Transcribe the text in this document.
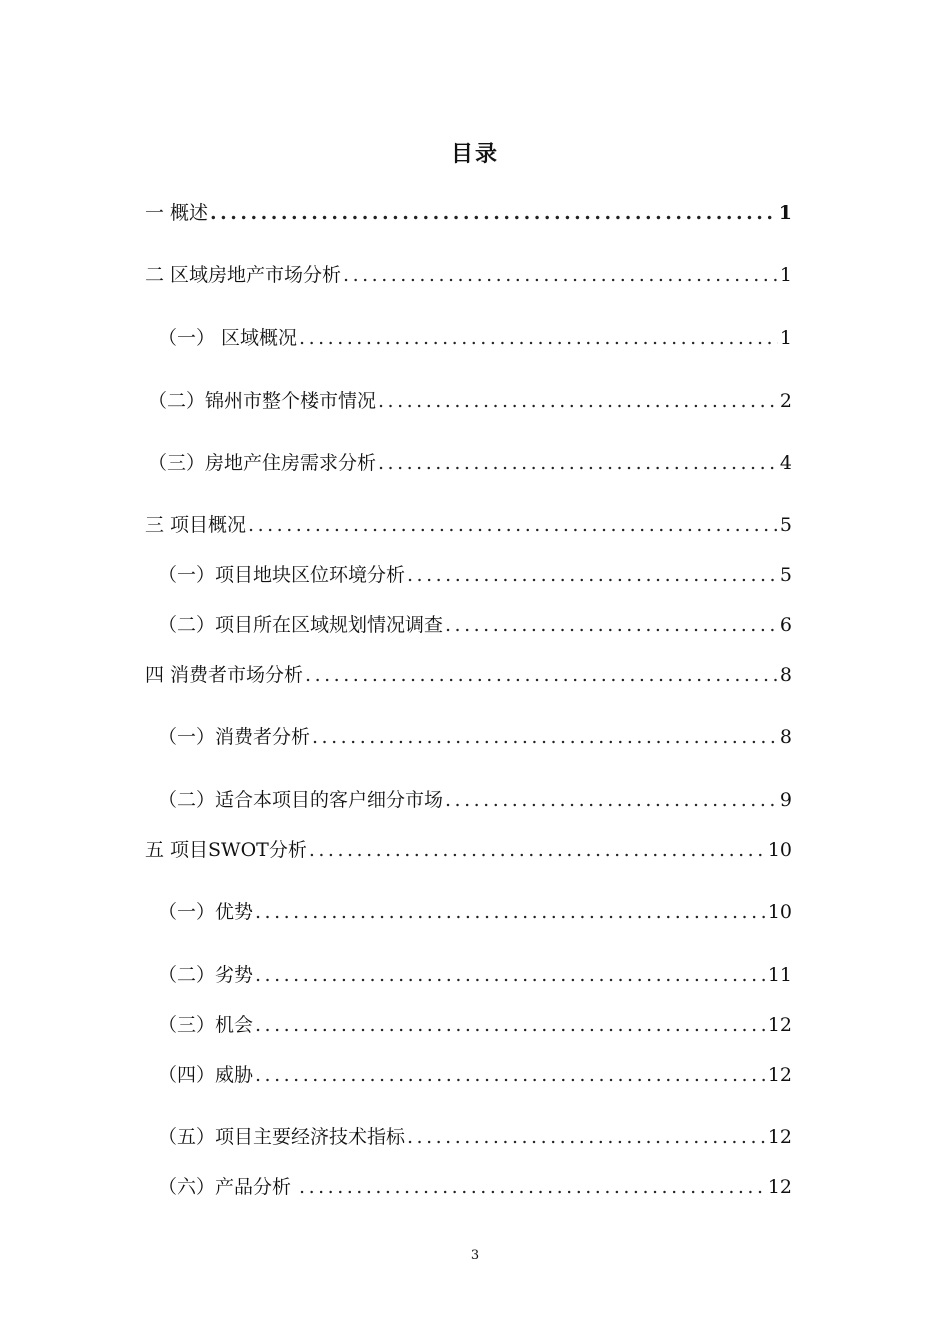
目录
一 概述 .....	1
二 区域房地产市场分析 .....	1
（一） 区域概况 .....	1
（二）锦州市整个楼市情况 .....	2
（三）房地产住房需求分析 .....	4
三 项目概况 .....	5
（一）项目地块区位环境分析 .....	5
（二）项目所在区域规划情况调查 .....	6
四 消费者市场分析 .....	8
（一）消费者分析 .....	8
（二）适合本项目的客户细分市场 .....	9
五 项目SWOT分析 .....	10
（一）优势 .....	10
（二）劣势 .....	11
（三）机会 .....	12
（四）威胁 .....	12
（五）项目主要经济技术指标 .....	12
（六）产品分析 .....	12
3
